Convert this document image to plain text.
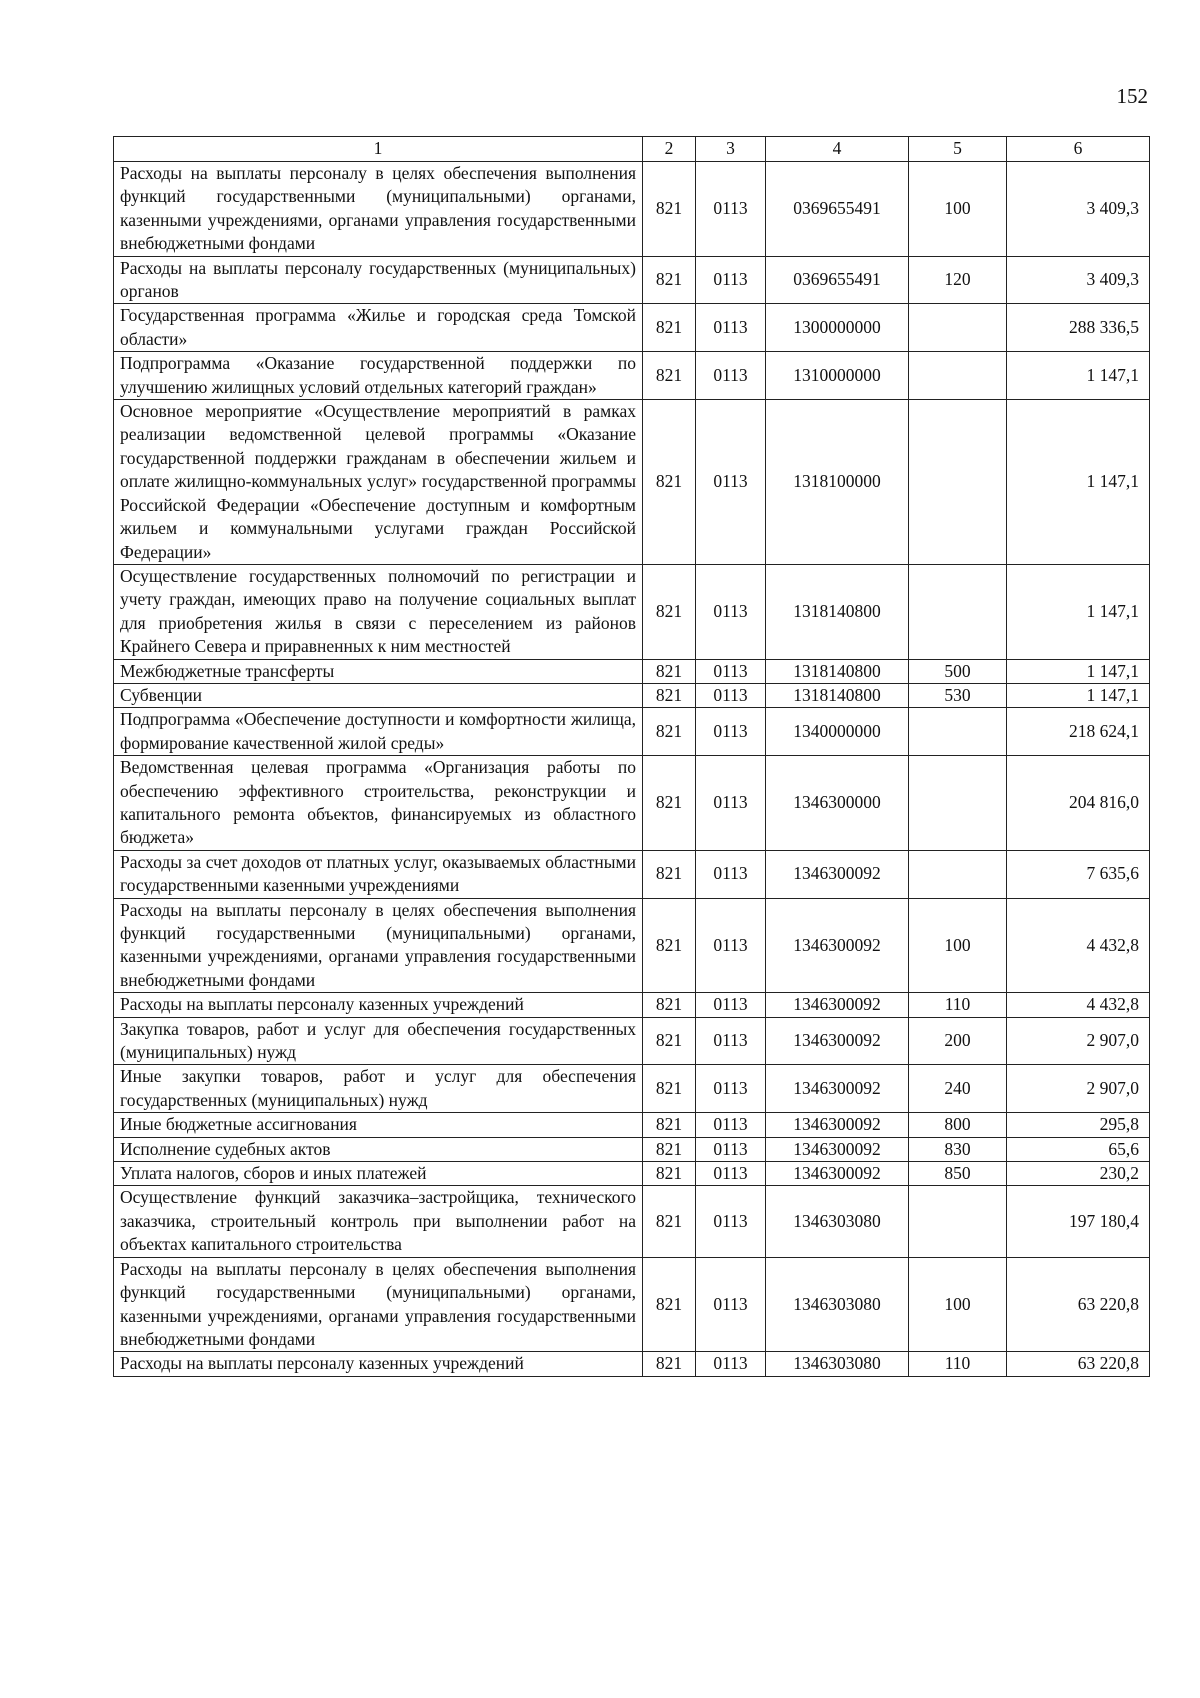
152
1	2	3	4	5	6
Расходы на выплаты персоналу в целях обеспечения выполнения функций государственными (муниципальными) органами, казенными учреждениями, органами управления государственными внебюджетными фондами	821	0113	0369655491	100	3 409,3
Расходы на выплаты персоналу государственных (муниципальных) органов	821	0113	0369655491	120	3 409,3
Государственная программа «Жилье и городская среда Томской области»	821	0113	1300000000		288 336,5
Подпрограмма «Оказание государственной поддержки по улучшению жилищных условий отдельных категорий граждан»	821	0113	1310000000		1 147,1
Основное мероприятие «Осуществление мероприятий в рамках реализации ведомственной целевой программы «Оказание государственной поддержки гражданам в обеспечении жильем и оплате жилищно-коммунальных услуг» государственной программы Российской Федерации «Обеспечение доступным и комфортным жильем и коммунальными услугами граждан Российской Федерации»	821	0113	1318100000		1 147,1
Осуществление государственных полномочий по регистрации и учету граждан, имеющих право на получение социальных выплат для приобретения жилья в связи с переселением из районов Крайнего Севера и приравненных к ним местностей	821	0113	1318140800		1 147,1
Межбюджетные трансферты	821	0113	1318140800	500	1 147,1
Субвенции	821	0113	1318140800	530	1 147,1
Подпрограмма «Обеспечение доступности и комфортности жилища, формирование качественной жилой среды»	821	0113	1340000000		218 624,1
Ведомственная целевая программа «Организация работы по обеспечению эффективного строительства, реконструкции и капитального ремонта объектов, финансируемых из областного бюджета»	821	0113	1346300000		204 816,0
Расходы за счет доходов от платных услуг, оказываемых областными государственными казенными учреждениями	821	0113	1346300092		7 635,6
Расходы на выплаты персоналу в целях обеспечения выполнения функций государственными (муниципальными) органами, казенными учреждениями, органами управления государственными внебюджетными фондами	821	0113	1346300092	100	4 432,8
Расходы на выплаты персоналу казенных учреждений	821	0113	1346300092	110	4 432,8
Закупка товаров, работ и услуг для обеспечения государственных (муниципальных) нужд	821	0113	1346300092	200	2 907,0
Иные закупки товаров, работ и услуг для обеспечения государственных (муниципальных) нужд	821	0113	1346300092	240	2 907,0
Иные бюджетные ассигнования	821	0113	1346300092	800	295,8
Исполнение судебных актов	821	0113	1346300092	830	65,6
Уплата налогов, сборов и иных платежей	821	0113	1346300092	850	230,2
Осуществление функций заказчика–застройщика, технического заказчика, строительный контроль при выполнении работ на объектах капитального строительства	821	0113	1346303080		197 180,4
Расходы на выплаты персоналу в целях обеспечения выполнения функций государственными (муниципальными) органами, казенными учреждениями, органами управления государственными внебюджетными фондами	821	0113	1346303080	100	63 220,8
Расходы на выплаты персоналу казенных учреждений	821	0113	1346303080	110	63 220,8
